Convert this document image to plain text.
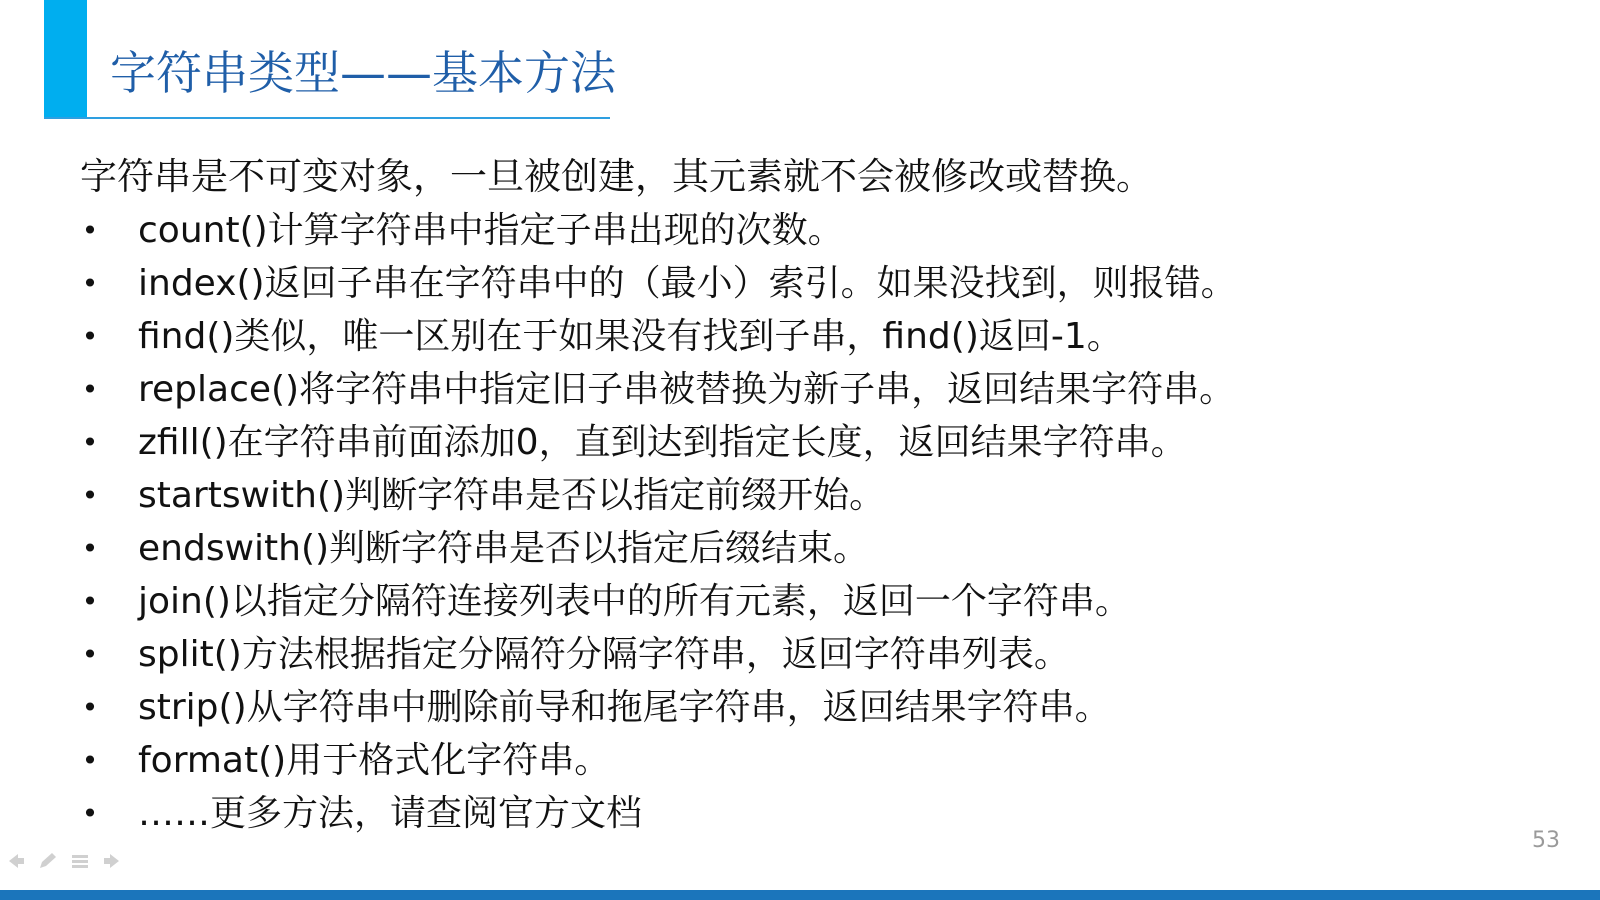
字符串类型——基本方法
字符串是不可变对象，一旦被创建，其元素就不会被修改或替换。
• count()计算字符串中指定子串出现的次数。
• index()返回子串在字符串中的（最小）索引。如果没找到，则报错。
• find()类似，唯一区别在于如果没有找到子串，find()返回-1。
• replace()将字符串中指定旧子串被替换为新子串，返回结果字符串。
• zfill()在字符串前面添加0，直到达到指定长度，返回结果字符串。
• startswith()判断字符串是否以指定前缀开始。
• endswith()判断字符串是否以指定后缀结束。
• join()以指定分隔符连接列表中的所有元素，返回一个字符串。
• split()方法根据指定分隔符分隔字符串，返回字符串列表。
• strip()从字符串中删除前导和拖尾字符串，返回结果字符串。
• format()用于格式化字符串。
• ……更多方法，请查阅官方文档
53
